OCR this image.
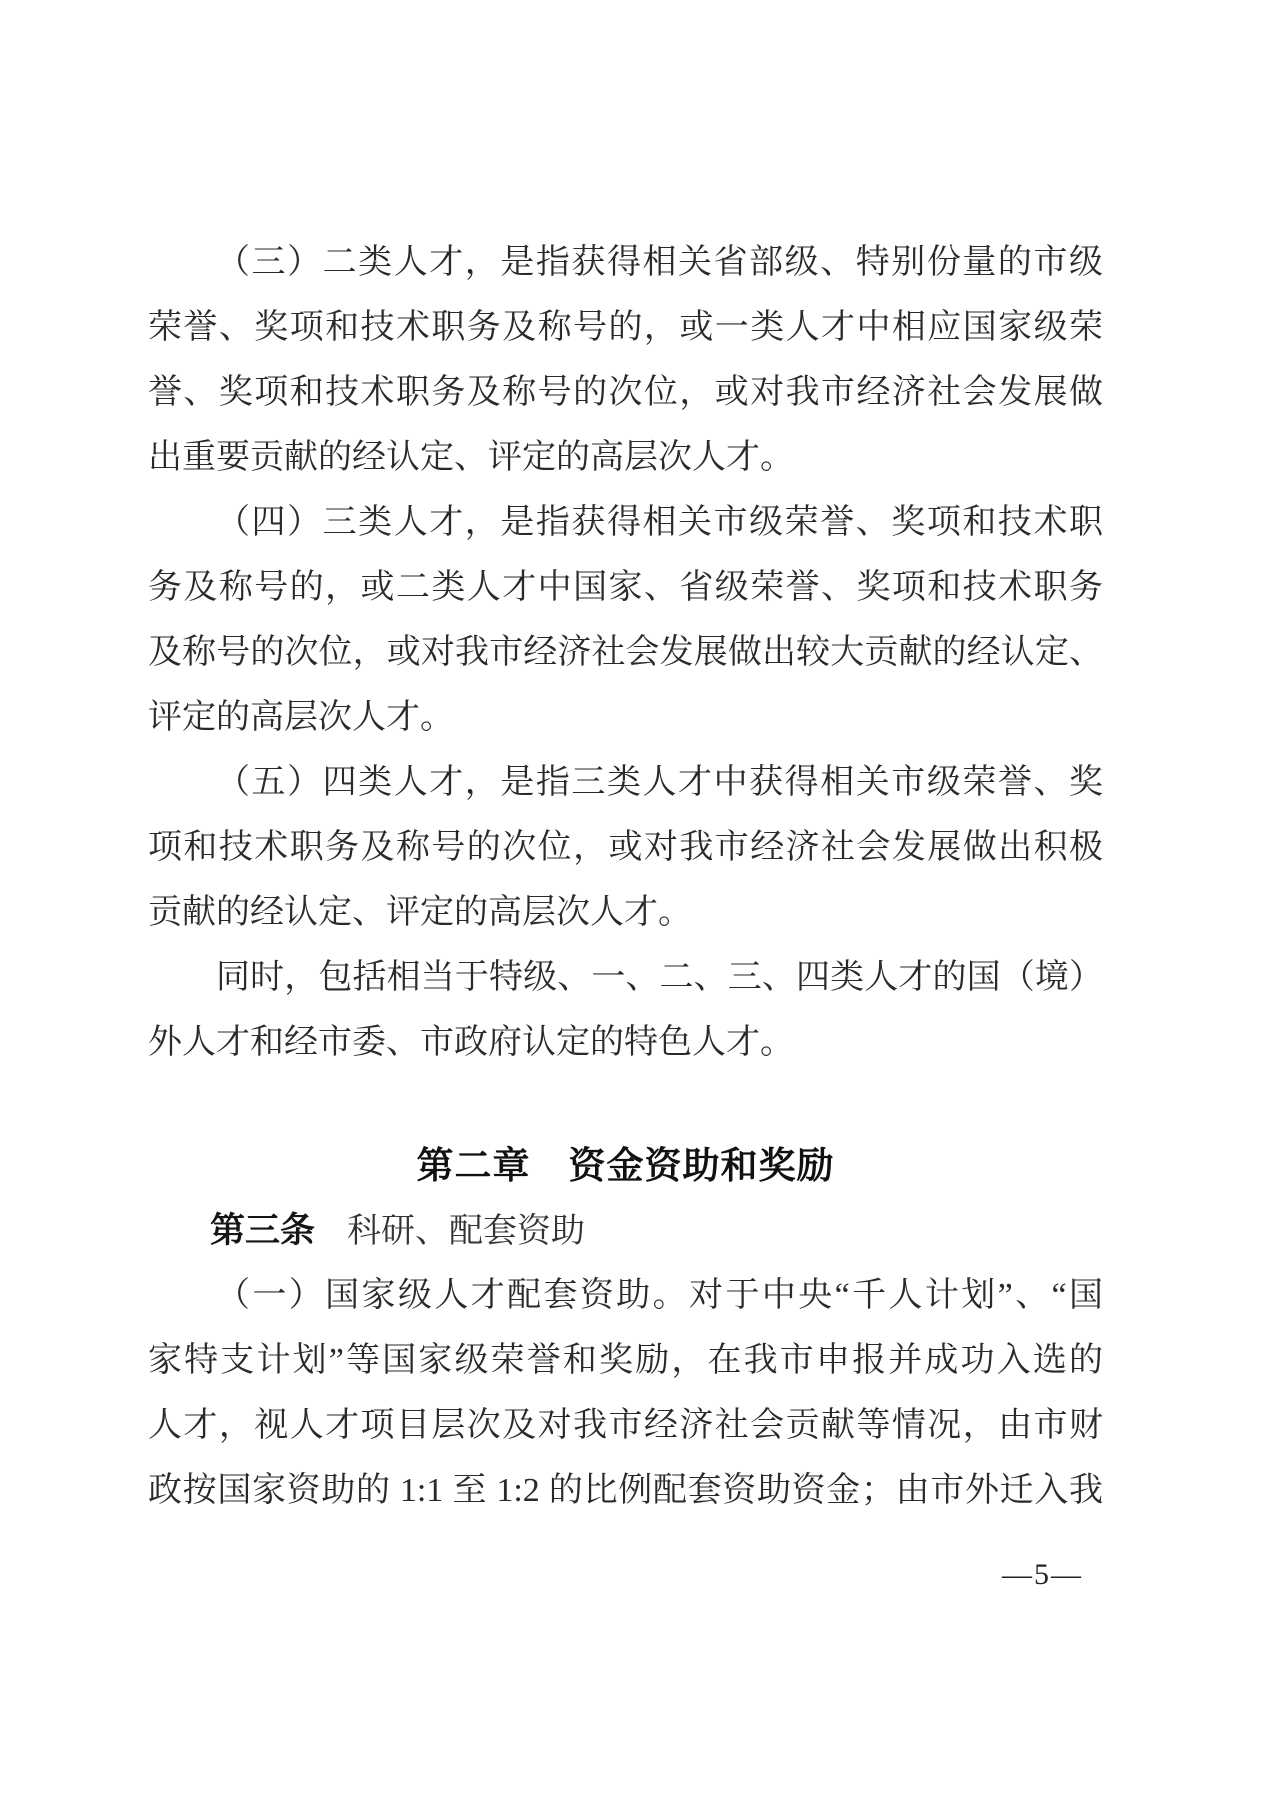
（三）二类人才，是指获得相关省部级、特别份量的市级

荣誉、奖项和技术职务及称号的，或一类人才中相应国家级荣

誉、奖项和技术职务及称号的次位，或对我市经济社会发展做

出重要贡献的经认定、评定的高层次人才。

（四）三类人才，是指获得相关市级荣誉、奖项和技术职

务及称号的，或二类人才中国家、省级荣誉、奖项和技术职务

及称号的次位，或对我市经济社会发展做出较大贡献的经认定、

评定的高层次人才。

（五）四类人才，是指三类人才中获得相关市级荣誉、奖

项和技术职务及称号的次位，或对我市经济社会发展做出积极

贡献的经认定、评定的高层次人才。

同时，包括相当于特级、一、二、三、四类人才的国（境）

外人才和经市委、市政府认定的特色人才。

第二章　资金资助和奖励

第三条 科研、配套资助

（一）国家级人才配套资助。对于中央“千人计划”、“国

家特支计划”等国家级荣誉和奖励，在我市申报并成功入选的

人才，视人才项目层次及对我市经济社会贡献等情况，由市财

政按国家资助的 1:1 至 1:2 的比例配套资助资金；由市外迁入我

—5—
